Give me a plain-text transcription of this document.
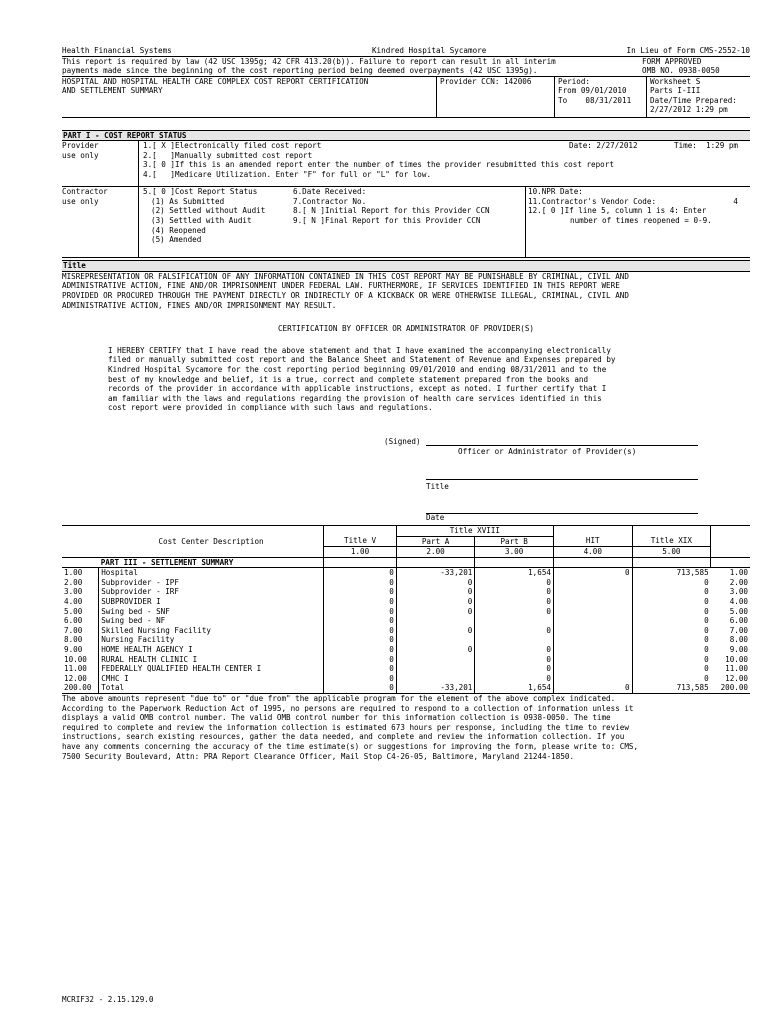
Health Financial Systems	Kindred Hospital Sycamore	In Lieu of Form CMS-2552-10
This report is required by law (42 USC 1395g; 42 CFR 413.20(b)). Failure to report can result in all interim
payments made since the beginning of the cost reporting period being deemed overpayments (42 USC 1395g).
FORM APPROVED
OMB NO. 0938-0050
HOSPITAL AND HOSPITAL HEALTH CARE COMPLEX COST REPORT CERTIFICATION
AND SETTLEMENT SUMMARY
Provider CCN: 142006	Period:
From 09/01/2010
To    08/31/2011
Worksheet S
Parts I-III
Date/Time Prepared:
2/27/2012 1:29 pm
PART I - COST REPORT STATUS
Provider
use only
1.[ X ]Electronically filed cost report
2.[   ]Manually submitted cost report
3.[ 0 ]If this is an amended report enter the number of times the provider resubmitted this cost report
4.[   ]Medicare Utilization. Enter "F" for full or "L" for low.
Date: 2/27/2012	Time:  1:29 pm
Contractor
use only
5.[ 0 ]Cost Report Status
(1) As Submitted
(2) Settled without Audit
(3) Settled with Audit
(4) Reopened
(5) Amended
6.Date Received:
7.Contractor No.
8.[ N ]Initial Report for this Provider CCN
9.[ N ]Final Report for this Provider CCN
10.NPR Date:
11.Contractor's Vendor Code:	4
12.[ 0 ]If line 5, column 1 is 4: Enter
number of times reopened = 0-9.
Title
MISREPRESENTATION OR FALSIFICATION OF ANY INFORMATION CONTAINED IN THIS COST REPORT MAY BE PUNISHABLE BY CRIMINAL, CIVIL AND
ADMINISTRATIVE ACTION, FINE AND/OR IMPRISONMENT UNDER FEDERAL LAW. FURTHERMORE, IF SERVICES IDENTIFIED IN THIS REPORT WERE
PROVIDED OR PROCURED THROUGH THE PAYMENT DIRECTLY OR INDIRECTLY OF A KICKBACK OR WERE OTHERWISE ILLEGAL, CRIMINAL, CIVIL AND
ADMINISTRATIVE ACTION, FINES AND/OR IMPRISONMENT MAY RESULT.
CERTIFICATION BY OFFICER OR ADMINISTRATOR OF PROVIDER(S)
I HEREBY CERTIFY that I have read the above statement and that I have examined the accompanying electronically
filed or manually submitted cost report and the Balance Sheet and Statement of Revenue and Expenses prepared by
Kindred Hospital Sycamore for the cost reporting period beginning 09/01/2010 and ending 08/31/2011 and to the
best of my knowledge and belief, it is a true, correct and complete statement prepared from the books and
records of the provider in accordance with applicable instructions, except as noted. I further certify that I
am familiar with the laws and regulations regarding the provision of health care services identified in this
cost report were provided in compliance with such laws and regulations.
(Signed)
Officer or Administrator of Provider(s)
Title
Date
			Title XVIII				
	Cost Center Description	Title V	Part A	Part B	HIT	Title XIX	
		1.00	2.00	3.00	4.00	5.00	
	PART III - SETTLEMENT SUMMARY						
1.00	Hospital	0	-33,201	1,654	0	713,585	1.00
2.00	Subprovider - IPF	0	0	0		0	2.00
3.00	Subprovider - IRF	0	0	0		0	3.00
4.00	SUBPROVIDER I	0	0	0		0	4.00
5.00	Swing bed - SNF	0	0	0		0	5.00
6.00	Swing bed - NF	0				0	6.00
7.00	Skilled Nursing Facility	0	0	0		0	7.00
8.00	Nursing Facility	0				0	8.00
9.00	HOME HEALTH AGENCY I	0	0	0		0	9.00
10.00	RURAL HEALTH CLINIC I	0		0		0	10.00
11.00	FEDERALLY QUALIFIED HEALTH CENTER I	0		0		0	11.00
12.00	CMHC I	0		0		0	12.00
200.00	Total	0	-33,201	1,654	0	713,585	200.00
The above amounts represent "due to" or "due from" the applicable program for the element of the above complex indicated.
According to the Paperwork Reduction Act of 1995, no persons are required to respond to a collection of information unless it
displays a valid OMB control number. The valid OMB control number for this information collection is 0938-0050. The time
required to complete and review the information collection is estimated 673 hours per response, including the time to review
instructions, search existing resources, gather the data needed, and complete and review the information collection. If you
have any comments concerning the accuracy of the time estimate(s) or suggestions for improving the form, please write to: CMS,
7500 Security Boulevard, Attn: PRA Report Clearance Officer, Mail Stop C4-26-05, Baltimore, Maryland 21244-1850.
MCRIF32 - 2.15.129.0
